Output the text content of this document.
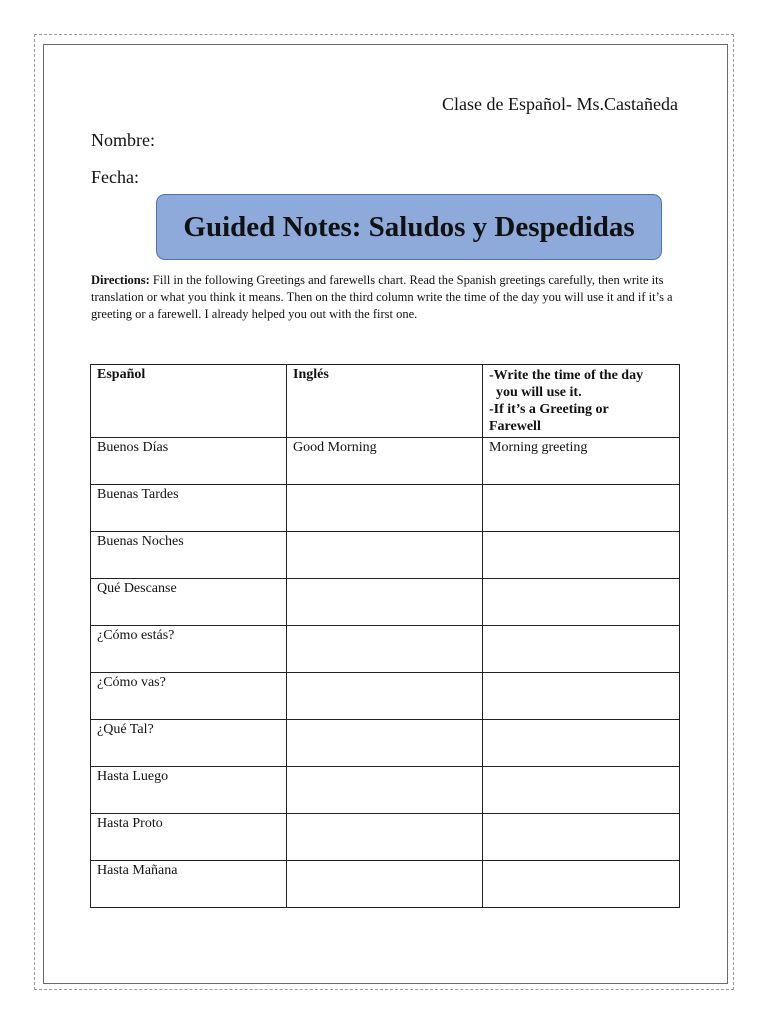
Clase de Español- Ms.Castañeda
Nombre:
Fecha:
Guided Notes: Saludos y Despedidas
Directions: Fill in the following Greetings and farewells chart. Read the Spanish greetings carefully, then write its translation or what you think it means. Then on the third column write the time of the day you will use it and if it’s a greeting or a farewell. I already helped you out with the first one.
Español	Inglés	-Write the time of the day
you will use it.
-If it’s a Greeting or
Farewell

Buenos Días	Good Morning	Morning greeting
Buenas Tardes		
Buenas Noches		
Qué Descanse		
¿Cómo estás?		
¿Cómo vas?		
¿Qué Tal?		
Hasta Luego		
Hasta Proto		
Hasta Mañana		
